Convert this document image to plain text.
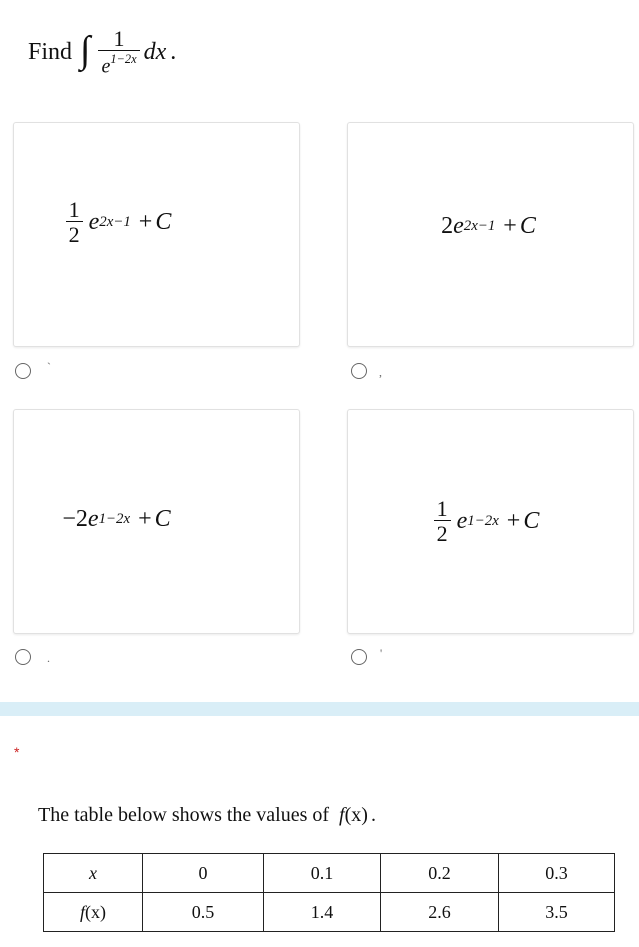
Find ∫ $\frac{1}{e^{1-2x}}$ dx .
$\frac{1}{2}$ e 2x−1 + C
`
2 e 2x−1 + C
,
−2 e 1−2x + C
.
$\frac{1}{2}$ e 1−2x + C
'
*
The table below shows the values of f(x) .
x	0	0.1	0.2	0.3
f(x)	0.5	1.4	2.6	3.5
